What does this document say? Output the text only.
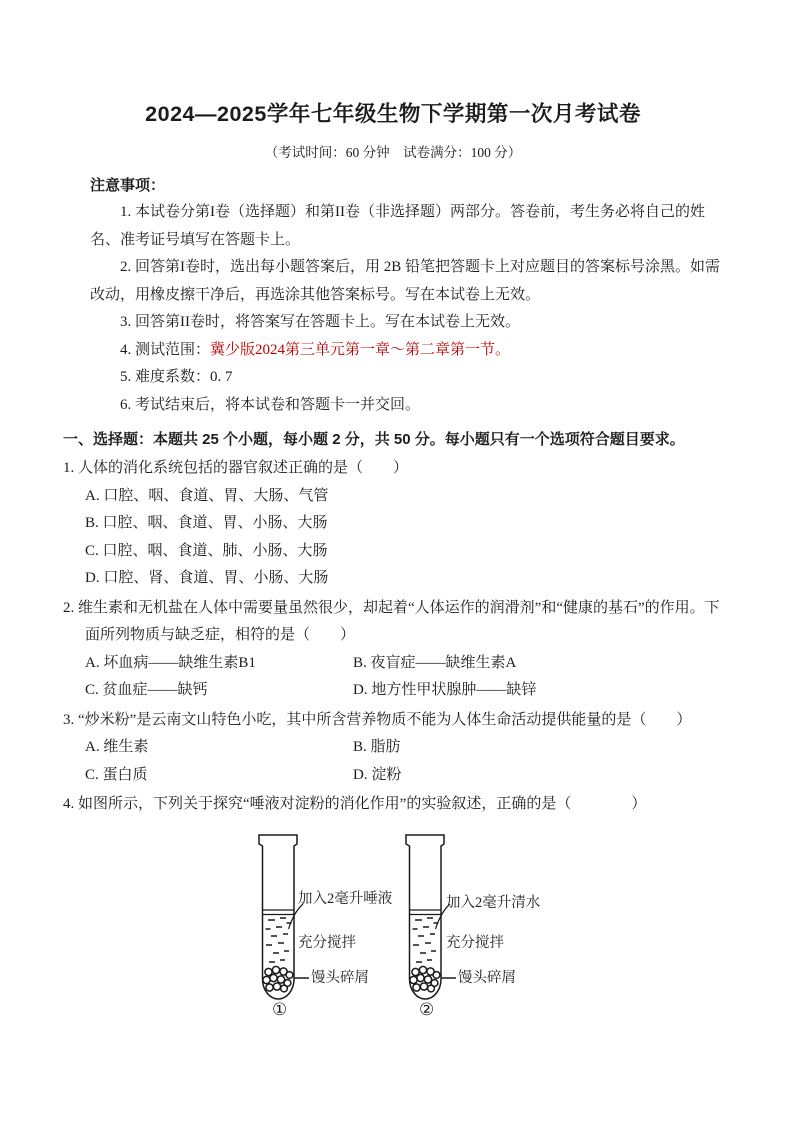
2024—2025学年七年级生物下学期第一次月考试卷

（考试时间：60 分钟　试卷满分：100 分）

注意事项：

1. 本试卷分第I卷（选择题）和第II卷（非选择题）两部分。答卷前，考生务必将自己的姓名、准考证号填写在答题卡上。

2. 回答第I卷时，选出每小题答案后，用 2B 铅笔把答题卡上对应题目的答案标号涂黑。如需改动，用橡皮擦干净后，再选涂其他答案标号。写在本试卷上无效。

3. 回答第II卷时，将答案写在答题卡上。写在本试卷上无效。

4. 测试范围：冀少版2024第三单元第一章～第二章第一节。

5. 难度系数：0. 7

6. 考试结束后，将本试卷和答题卡一并交回。

一、选择题：本题共 25 个小题，每小题 2 分，共 50 分。每小题只有一个选项符合题目要求。

1. 人体的消化系统包括的器官叙述正确的是（　　）

A. 口腔、咽、食道、胃、大肠、气管
B. 口腔、咽、食道、胃、小肠、大肠
C. 口腔、咽、食道、肺、小肠、大肠
D. 口腔、肾、食道、胃、小肠、大肠

2. 维生素和无机盐在人体中需要量虽然很少，却起着“人体运作的润滑剂”和“健康的基石”的作用。下面所列物质与缺乏症，相符的是（　　）

A. 坏血病——缺维生素B1	B. 夜盲症——缺维生素A
C. 贫血症——缺钙	D. 地方性甲状腺肿——缺锌

3. “炒米粉”是云南文山特色小吃，其中所含营养物质不能为人体生命活动提供能量的是（　　）

A. 维生素	B. 脂肪
C. 蛋白质	D. 淀粉

4. 如图所示，下列关于探究“唾液对淀粉的消化作用”的实验叙述，正确的是（　　　　）

加入2毫升唾液
充分搅拌
馒头碎屑
①
加入2毫升清水
充分搅拌
馒头碎屑
②
